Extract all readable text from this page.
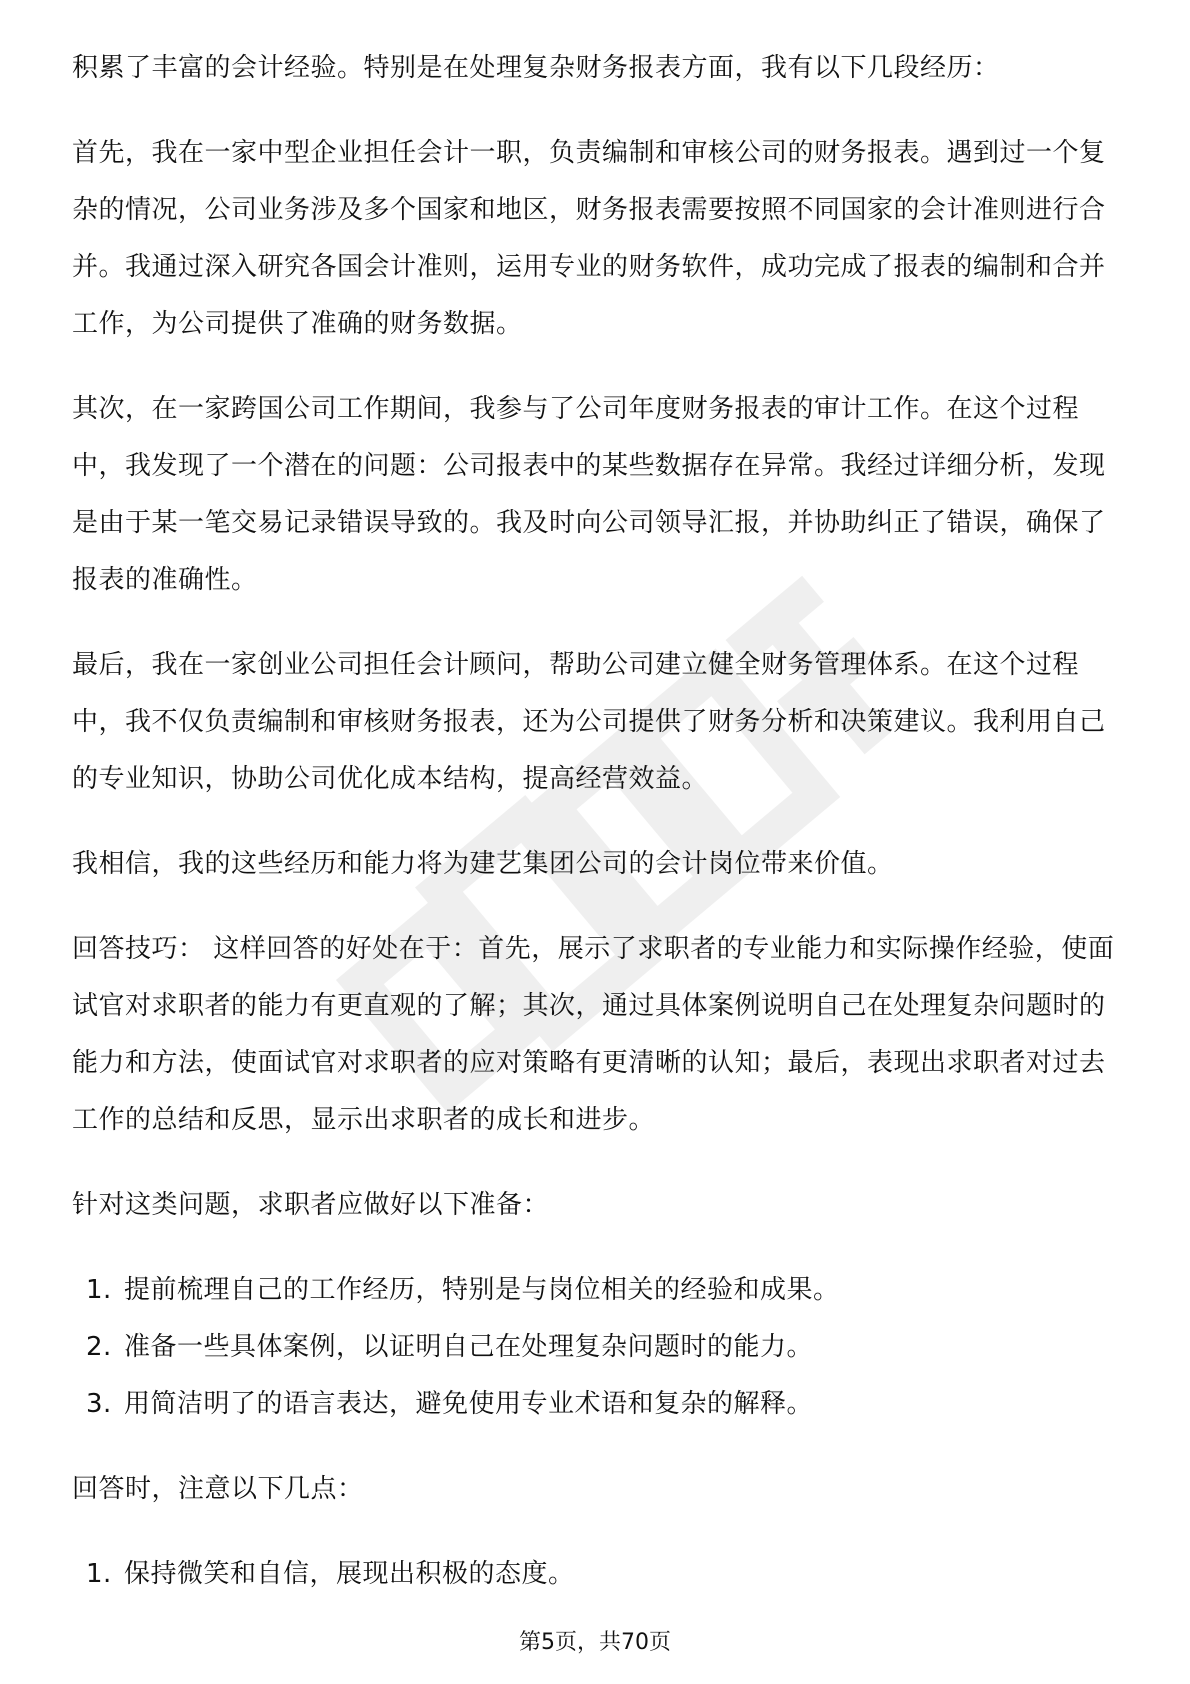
积累了丰富的会计经验。特别是在处理复杂财务报表方面，我有以下几段经历：

首先，我在一家中型企业担任会计一职，负责编制和审核公司的财务报表。遇到过一个复杂的情况，公司业务涉及多个国家和地区，财务报表需要按照不同国家的会计准则进行合并。我通过深入研究各国会计准则，运用专业的财务软件，成功完成了报表的编制和合并工作，为公司提供了准确的财务数据。

其次，在一家跨国公司工作期间，我参与了公司年度财务报表的审计工作。在这个过程中，我发现了一个潜在的问题：公司报表中的某些数据存在异常。我经过详细分析，发现是由于某一笔交易记录错误导致的。我及时向公司领导汇报，并协助纠正了错误，确保了报表的准确性。

最后，我在一家创业公司担任会计顾问，帮助公司建立健全财务管理体系。在这个过程中，我不仅负责编制和审核财务报表，还为公司提供了财务分析和决策建议。我利用自己的专业知识，协助公司优化成本结构，提高经营效益。

我相信，我的这些经历和能力将为建艺集团公司的会计岗位带来价值。

回答技巧： 这样回答的好处在于：首先，展示了求职者的专业能力和实际操作经验，使面试官对求职者的能力有更直观的了解；其次，通过具体案例说明自己在处理复杂问题时的能力和方法，使面试官对求职者的应对策略有更清晰的认知；最后，表现出求职者对过去工作的总结和反思，显示出求职者的成长和进步。

针对这类问题，求职者应做好以下准备：

1. 提前梳理自己的工作经历，特别是与岗位相关的经验和成果。
2. 准备一些具体案例，以证明自己在处理复杂问题时的能力。
3. 用简洁明了的语言表达，避免使用专业术语和复杂的解释。

回答时，注意以下几点：

1. 保持微笑和自信，展现出积极的态度。
第5页，共70页
